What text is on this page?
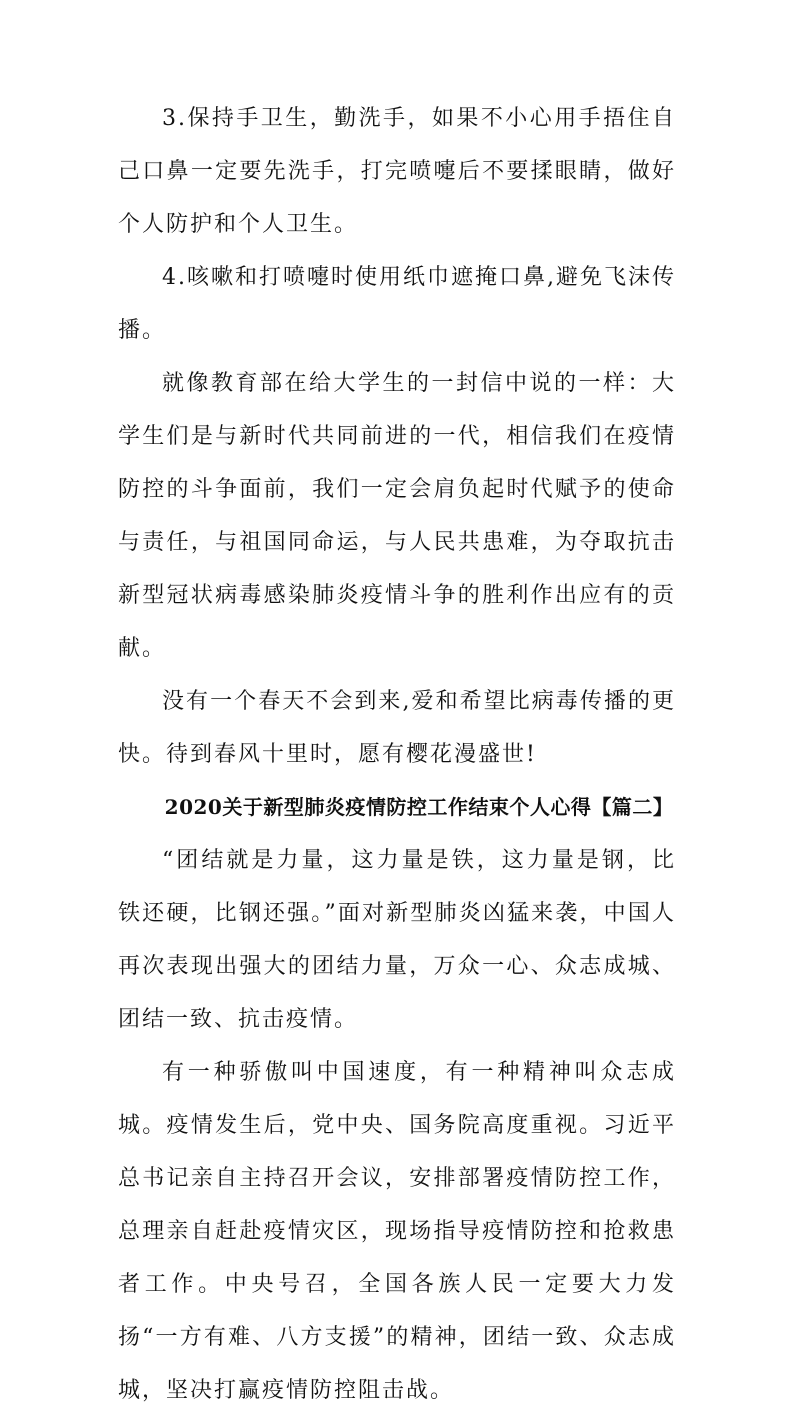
3.保持手卫生，勤洗手，如果不小心用手捂住自己口鼻一定要先洗手，打完喷嚏后不要揉眼睛，做好个人防护和个人卫生。

4.咳嗽和打喷嚏时使用纸巾遮掩口鼻,避免飞沫传播。

就像教育部在给大学生的一封信中说的一样：大学生们是与新时代共同前进的一代，相信我们在疫情防控的斗争面前，我们一定会肩负起时代赋予的使命与责任，与祖国同命运，与人民共患难，为夺取抗击新型冠状病毒感染肺炎疫情斗争的胜利作出应有的贡献。

没有一个春天不会到来,爱和希望比病毒传播的更快。待到春风十里时，愿有樱花漫盛世!

2020关于新型肺炎疫情防控工作结束个人心得【篇二】

“团结就是力量，这力量是铁，这力量是钢，比铁还硬，比钢还强。”面对新型肺炎凶猛来袭，中国人再次表现出强大的团结力量，万众一心、众志成城、团结一致、抗击疫情。

有一种骄傲叫中国速度，有一种精神叫众志成城。疫情发生后，党中央、国务院高度重视。习近平总书记亲自主持召开会议，安排部署疫情防控工作，总理亲自赶赴疫情灾区，现场指导疫情防控和抢救患者工作。中央号召，全国各族人民一定要大力发扬“一方有难、八方支援”的精神，团结一致、众志成城，坚决打赢疫情防控阻击战。
